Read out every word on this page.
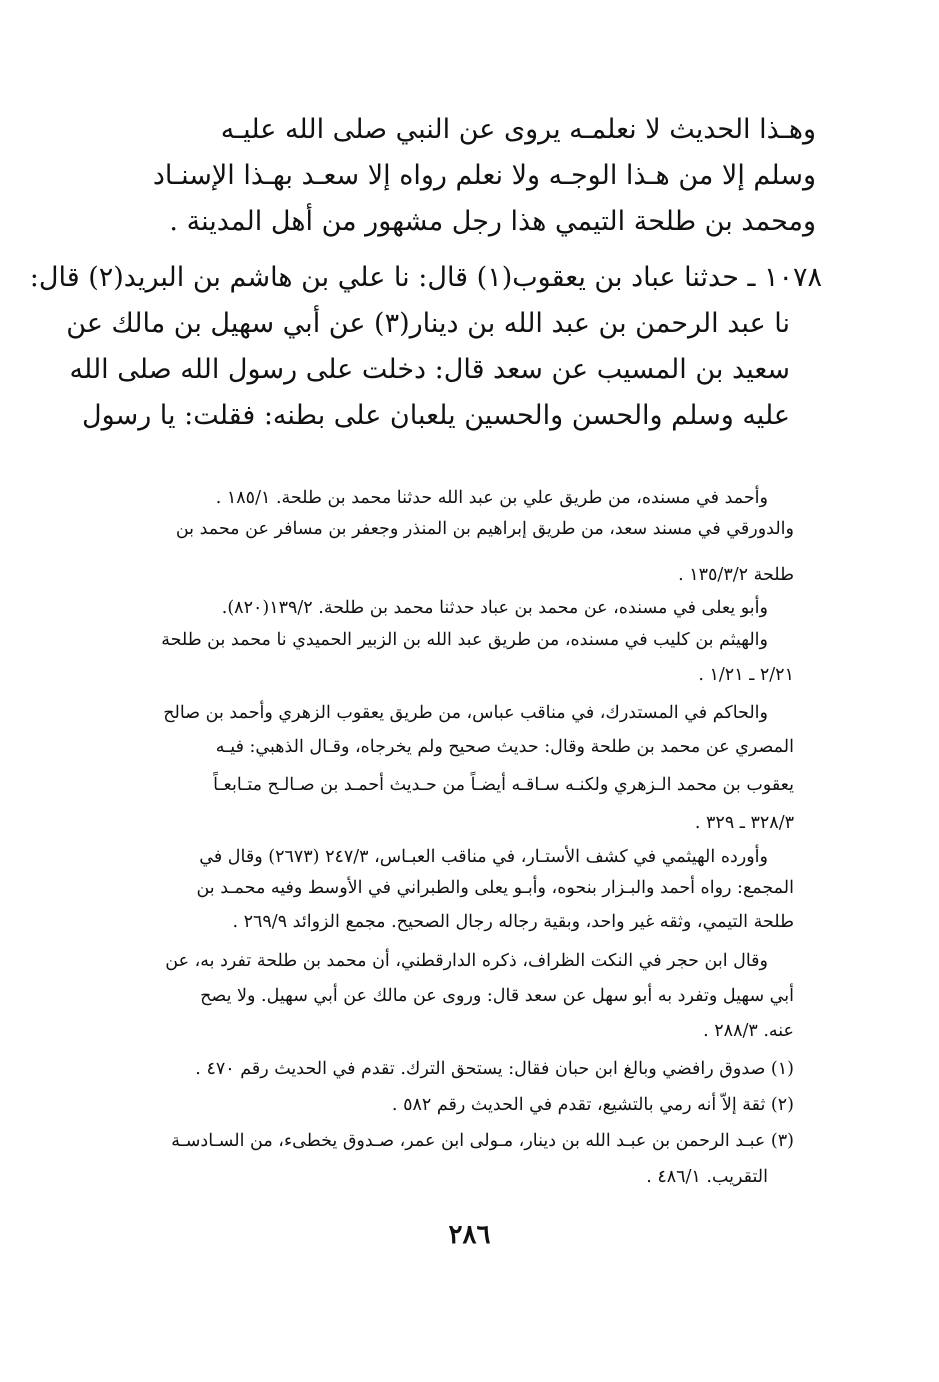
وهـذا الحديث لا نعلمـه يروى عن النبي صلى الله عليـه
وسلم إلا من هـذا الوجـه ولا نعلم رواه إلا سعـد بهـذا الإسنـاد
ومحمد بن طلحة التيمي هذا رجل مشهور من أهل المدينة .
١٠٧٨ ـ حدثنا عباد بن يعقوب(١) قال: نا علي بن هاشم بن البريد(٢) قال:
نا عبد الرحمن بن عبد الله بن دينار(٣) عن أبي سهيل بن مالك عن
سعيد بن المسيب عن سعد قال: دخلت على رسول الله صلى الله
عليه وسلم والحسن والحسين يلعبان على بطنه: فقلت: يا رسول
وأحمد في مسنده، من طريق علي بن عبد الله حدثنا محمد بن طلحة. ١٨٥/١ .
والدورقي في مسند سعد، من طريق إبراهيم بن المنذر وجعفر بن مسافر عن محمد بن
طلحة ١٣٥/٣/٢ .
وأبو يعلى في مسنده، عن محمد بن عباد حدثنا محمد بن طلحة. ١٣٩/٢(٨٢٠).
والهيثم بن كليب في مسنده، من طريق عبد الله بن الزبير الحميدي نا محمد بن طلحة
٢/٢١ ـ ١/٢١ .
والحاكم في المستدرك، في مناقب عباس، من طريق يعقوب الزهري وأحمد بن صالح
المصري عن محمد بن طلحة وقال: حديث صحيح ولم يخرجاه، وقـال الذهبي: فيـه
يعقوب بن محمد الـزهري ولكنـه سـاقـه أيضـاً من حـديث أحمـد بن صـالـح متـابعـاً
٣٢٨/٣ ـ ٣٢٩ .
وأورده الهيثمي في كشف الأستـار، في مناقب العبـاس، ٢٤٧/٣ (٢٦٧٣) وقال في
المجمع: رواه أحمد والبـزار بنحوه، وأبـو يعلى والطبراني في الأوسط وفيه محمـد بن
طلحة التيمي، وثقه غير واحد، وبقية رجاله رجال الصحيح. مجمع الزوائد ٢٦٩/٩ .
وقال ابن حجر في النكت الظراف، ذكره الدارقطني، أن محمد بن طلحة تفرد به، عن
أبي سهيل وتفرد به أبو سهل عن سعد قال: وروى عن مالك عن أبي سهيل. ولا يصح
عنه. ٢٨٨/٣ .
(١) صدوق رافضي وبالغ ابن حبان فقال: يستحق الترك. تقدم في الحديث رقم ٤٧٠ .
(٢) ثقة إلاّ أنه رمي بالتشيع، تقدم في الحديث رقم ٥٨٢ .
(٣) عبـد الرحمن بن عبـد الله بن دينار، مـولى ابن عمر، صـدوق يخطىء، من السـادسـة
التقريب. ٤٨٦/١ .
٢٨٦
